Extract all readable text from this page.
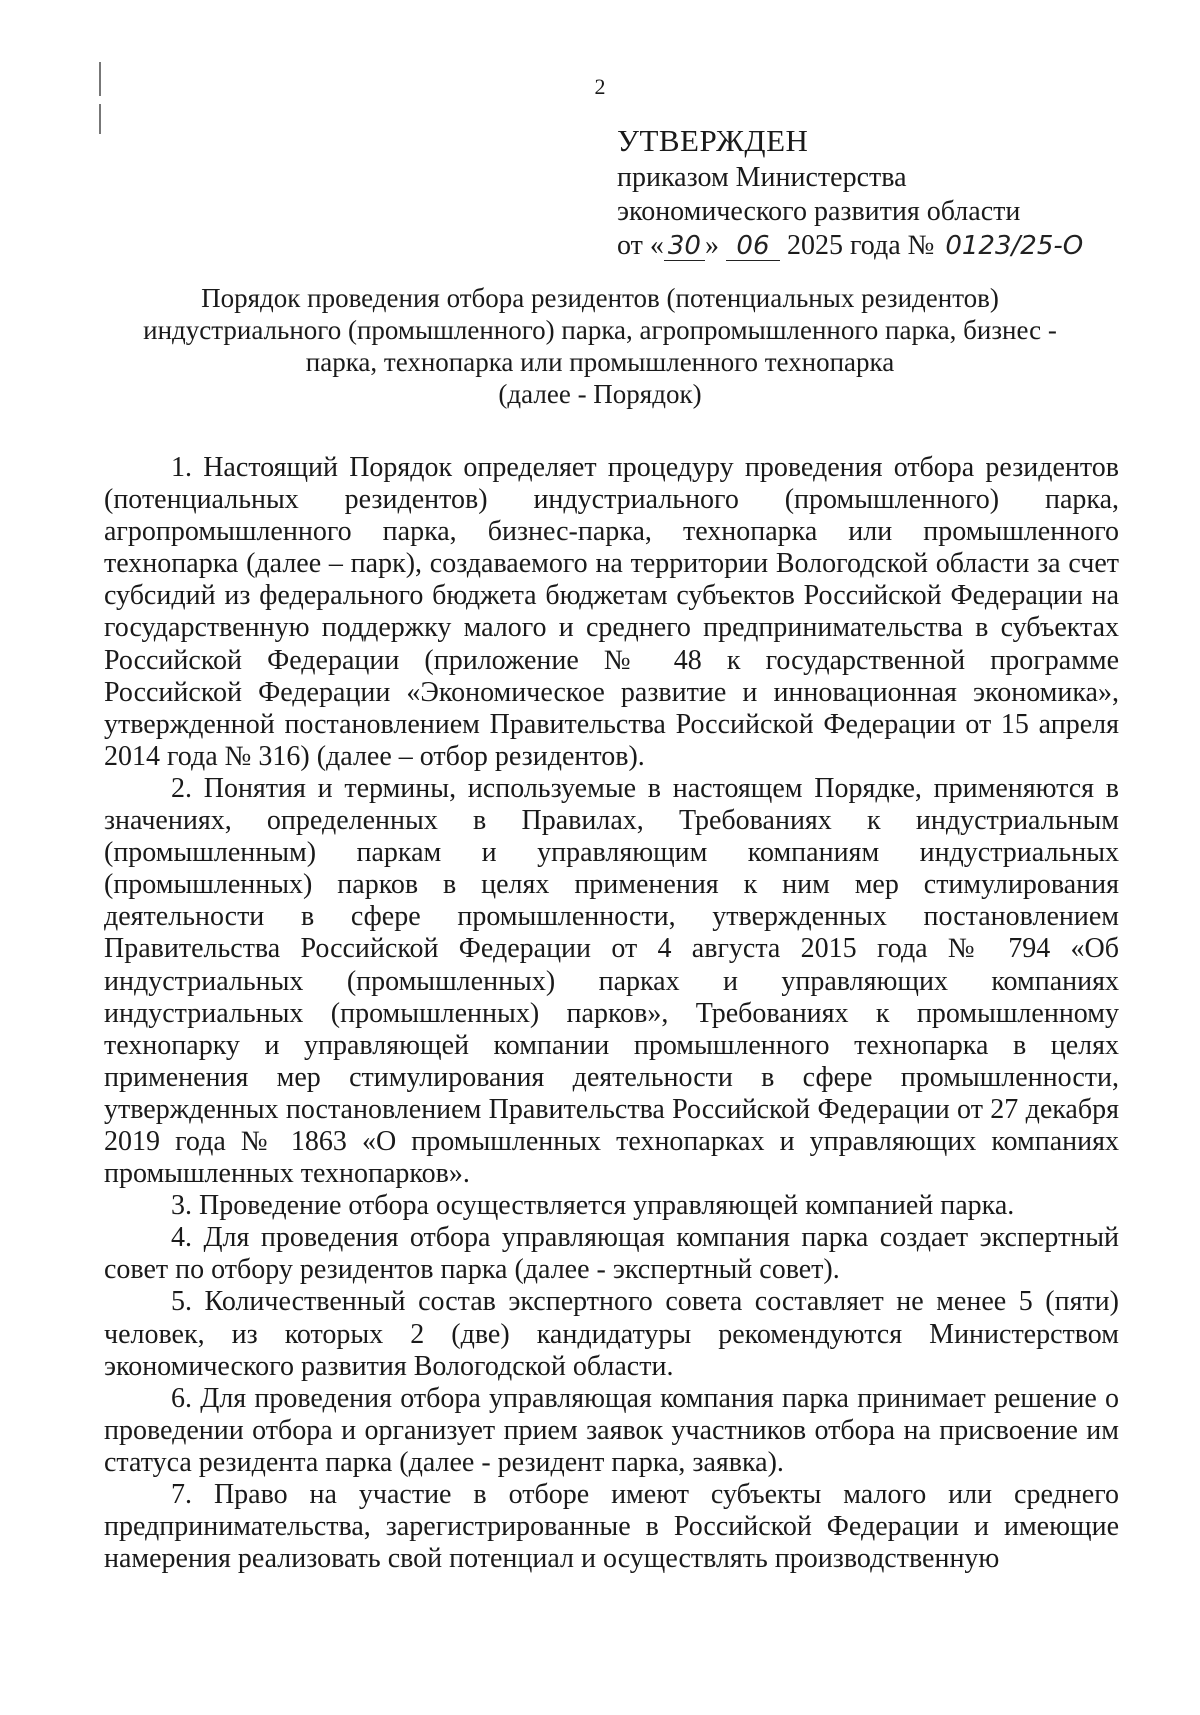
2
УТВЕРЖДЕН
приказом Министерства
экономического развития области
от « 30 » 06 2025 года № 0123/25-О
Порядок проведения отбора резидентов (потенциальных резидентов)
индустриального (промышленного) парка, агропромышленного парка, бизнес -
парка, технопарка или промышленного технопарка
(далее - Порядок)

1. Настоящий Порядок определяет процедуру проведения отбора резидентов (потенциальных резидентов) индустриального (промышленного) парка, агропромышленного парка, бизнес-парка, технопарка или промышленного технопарка (далее – парк), создаваемого на территории Вологодской области за счет субсидий из федерального бюджета бюджетам субъектов Российской Федерации на государственную поддержку малого и среднего предпринимательства в субъектах Российской Федерации (приложение № 48 к государственной программе Российской Федерации «Экономическое развитие и инновационная экономика», утвержденной постановлением Правительства Российской Федерации от 15 апреля 2014 года № 316) (далее – отбор резидентов).

2. Понятия и термины, используемые в настоящем Порядке, применяются в значениях, определенных в Правилах, Требованиях к индустриальным (промышленным) паркам и управляющим компаниям индустриальных (промышленных) парков в целях применения к ним мер стимулирования деятельности в сфере промышленности, утвержденных постановлением Правительства Российской Федерации от 4 августа 2015 года № 794 «Об индустриальных (промышленных) парках и управляющих компаниях индустриальных (промышленных) парков», Требованиях к промышленному технопарку и управляющей компании промышленного технопарка в целях применения мер стимулирования деятельности в сфере промышленности, утвержденных постановлением Правительства Российской Федерации от 27 декабря 2019 года № 1863 «О промышленных технопарках и управляющих компаниях промышленных технопарков».

3. Проведение отбора осуществляется управляющей компанией парка.

4. Для проведения отбора управляющая компания парка создает экспертный совет по отбору резидентов парка (далее - экспертный совет).

5. Количественный состав экспертного совета составляет не менее 5 (пяти) человек, из которых 2 (две) кандидатуры рекомендуются Министерством экономического развития Вологодской области.

6. Для проведения отбора управляющая компания парка принимает решение о проведении отбора и организует прием заявок участников отбора на присвоение им статуса резидента парка (далее - резидент парка, заявка).

7. Право на участие в отборе имеют субъекты малого или среднего предпринимательства, зарегистрированные в Российской Федерации и имеющие намерения реализовать свой потенциал и осуществлять производственную
